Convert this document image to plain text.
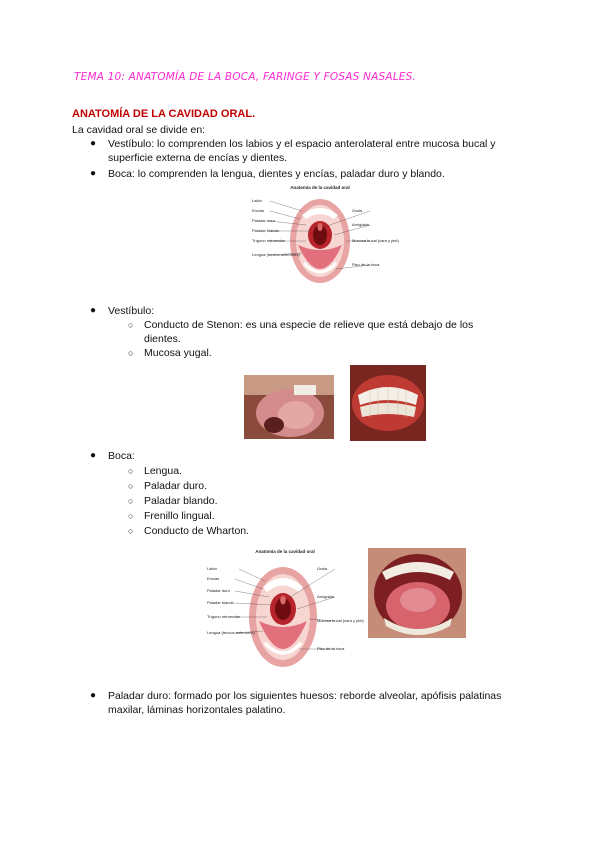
TEMA 10: ANATOMÍA DE LA BOCA, FARINGE Y FOSAS NASALES.
ANATOMÍA DE LA CAVIDAD ORAL.
La cavidad oral se divide en:
● Vestíbulo: lo comprenden los labios y el espacio anterolateral entre mucosa bucal y
superficie externa de encías y dientes.
● Boca: lo comprenden la lengua, dientes y encías, paladar duro y blando.
Anatomía de la cavidad oral
Labio
Encías
Paladar duro
Paladar blando
Trígono retromolar
Lengua (tercios anteriores)
Úvula
Amígdala
Mucosa bucal (cara y piel)
Piso de la boca
● Vestíbulo:
○ Conducto de Stenon: es una especie de relieve que está debajo de los
dientes.
○ Mucosa yugal.
● Boca:
○ Lengua.
○ Paladar duro.
○ Paladar blando.
○ Frenillo lingual.
○ Conducto de Wharton.
Anatomía de la cavidad oral
Labio
Encías
Paladar duro
Paladar blando
Trígono retromolar
Lengua (tercios anteriores)
Úvula
Amígdala
Mucosa bucal (cara y piel)
Piso de la boca
● Paladar duro: formado por los siguientes huesos: reborde alveolar, apófisis palatinas
maxilar, láminas horizontales palatino.
